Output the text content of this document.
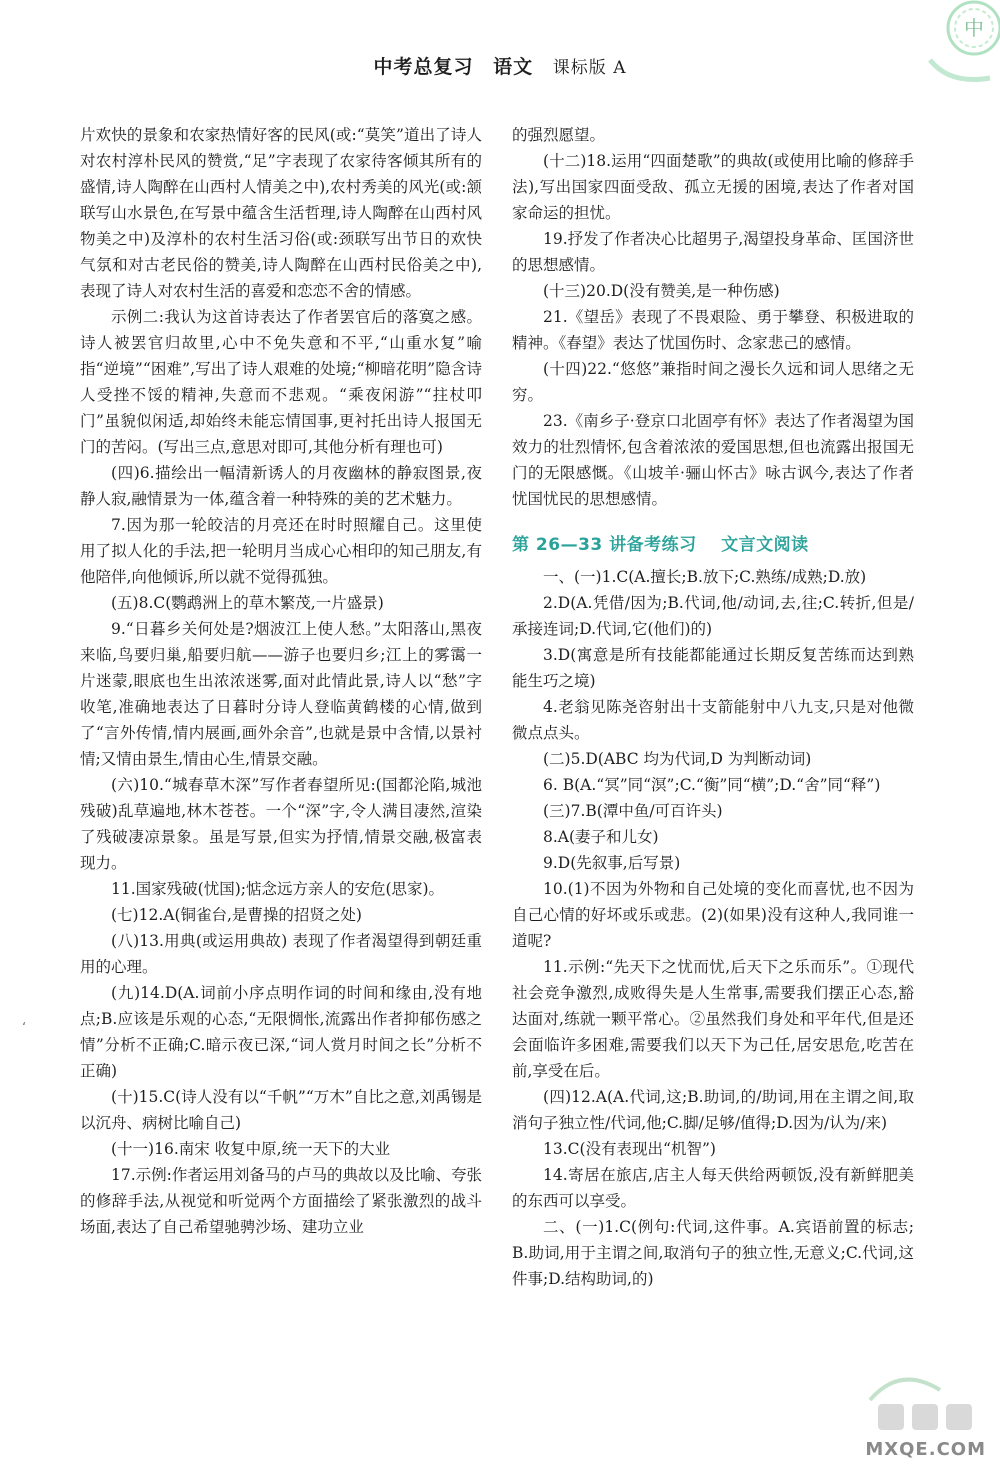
中考总复习 语文 课标版 A
中

片欢快的景象和农家热情好客的民风(或:“莫笑”道出了诗人对农村淳朴民风的赞赏,“足”字表现了农家待客倾其所有的盛情,诗人陶醉在山西村人情美之中),农村秀美的风光(或:颔联写山水景色,在写景中蕴含生活哲理,诗人陶醉在山西村风物美之中)及淳朴的农村生活习俗(或:颈联写出节日的欢快气氛和对古老民俗的赞美,诗人陶醉在山西村民俗美之中),表现了诗人对农村生活的喜爱和恋恋不舍的情感。

示例二:我认为这首诗表达了作者罢官后的落寞之感。诗人被罢官归故里,心中不免失意和不平,“山重水复”喻指“逆境”“困难”,写出了诗人艰难的处境;“柳暗花明”隐含诗人受挫不馁的精神,失意而不悲观。“乘夜闲游”“拄杖叩门”虽貌似闲适,却始终未能忘情国事,更衬托出诗人报国无门的苦闷。(写出三点,意思对即可,其他分析有理也可)

(四)6.描绘出一幅清新诱人的月夜幽林的静寂图景,夜静人寂,融情景为一体,蕴含着一种特殊的美的艺术魅力。

7.因为那一轮皎洁的月亮还在时时照耀自己。这里使用了拟人化的手法,把一轮明月当成心心相印的知己朋友,有他陪伴,向他倾诉,所以就不觉得孤独。

(五)8.C(鹦鹉洲上的草木繁茂,一片盛景)

9.“日暮乡关何处是?烟波江上使人愁。”太阳落山,黑夜来临,鸟要归巢,船要归航——游子也要归乡;江上的雾霭一片迷蒙,眼底也生出浓浓迷雾,面对此情此景,诗人以“愁”字收笔,准确地表达了日暮时分诗人登临黄鹤楼的心情,做到了“言外传情,情内展画,画外余音”,也就是景中含情,以景衬情;又情由景生,情由心生,情景交融。

(六)10.“城春草木深”写作者春望所见:(国都沦陷,城池残破)乱草遍地,林木苍苍。一个“深”字,令人满目凄然,渲染了残破凄凉景象。虽是写景,但实为抒情,情景交融,极富表现力。

11.国家残破(忧国);惦念远方亲人的安危(思家)。

(七)12.A(铜雀台,是曹操的招贤之处)

(八)13.用典(或运用典故) 表现了作者渴望得到朝廷重用的心理。

(九)14.D(A.词前小序点明作词的时间和缘由,没有地点;B.应该是乐观的心态,“无限惆怅,流露出作者抑郁伤感之情”分析不正确;C.暗示夜已深,“词人赏月时间之长”分析不正确)

(十)15.C(诗人没有以“千帆”“万木”自比之意,刘禹锡是以沉舟、病树比喻自己)

(十一)16.南宋 收复中原,统一天下的大业

17.示例:作者运用刘备马的卢马的典故以及比喻、夸张的修辞手法,从视觉和听觉两个方面描绘了紧张激烈的战斗场面,表达了自己希望驰骋沙场、建功立业

的强烈愿望。

(十二)18.运用“四面楚歌”的典故(或使用比喻的修辞手法),写出国家四面受敌、孤立无援的困境,表达了作者对国家命运的担忧。

19.抒发了作者决心比超男子,渴望投身革命、匡国济世的思想感情。

(十三)20.D(没有赞美,是一种伤感)

21.《望岳》表现了不畏艰险、勇于攀登、积极进取的精神。《春望》表达了忧国伤时、念家悲己的感情。

(十四)22.“悠悠”兼指时间之漫长久远和词人思绪之无穷。

23.《南乡子·登京口北固亭有怀》表达了作者渴望为国效力的壮烈情怀,包含着浓浓的爱国思想,但也流露出报国无门的无限感慨。《山坡羊·骊山怀古》咏古讽今,表达了作者忧国忧民的思想感情。

第 26—33 讲备考练习 文言文阅读

一、(一)1.C(A.擅长;B.放下;C.熟练/成熟;D.放)

2.D(A.凭借/因为;B.代词,他/动词,去,往;C.转折,但是/承接连词;D.代词,它(他们)的)

3.D(寓意是所有技能都能通过长期反复苦练而达到熟能生巧之境)

4.老翁见陈尧咨射出十支箭能射中八九支,只是对他微微点点头。

(二)5.D(ABC 均为代词,D 为判断动词)

6. B(A.“冥”同“溟”;C.“衡”同“横”;D.“舍”同“释”)

(三)7.B(潭中鱼/可百许头)

8.A(妻子和儿女)

9.D(先叙事,后写景)

10.(1)不因为外物和自己处境的变化而喜忧,也不因为自己心情的好坏或乐或悲。(2)(如果)没有这种人,我同谁一道呢?

11.示例:“先天下之忧而忧,后天下之乐而乐”。①现代社会竞争激烈,成败得失是人生常事,需要我们摆正心态,豁达面对,练就一颗平常心。②虽然我们身处和平年代,但是还会面临许多困难,需要我们以天下为己任,居安思危,吃苦在前,享受在后。

(四)12.A(A.代词,这;B.助词,的/助词,用在主谓之间,取消句子独立性/代词,他;C.脚/足够/值得;D.因为/认为/来)

13.C(没有表现出“机智”)

14.寄居在旅店,店主人每天供给两顿饭,没有新鲜肥美的东西可以享受。

二、(一)1.C(例句:代词,这件事。A.宾语前置的标志;B.助词,用于主谓之间,取消句子的独立性,无意义;C.代词,这件事;D.结构助词,的)

‘
MXQE.COM
